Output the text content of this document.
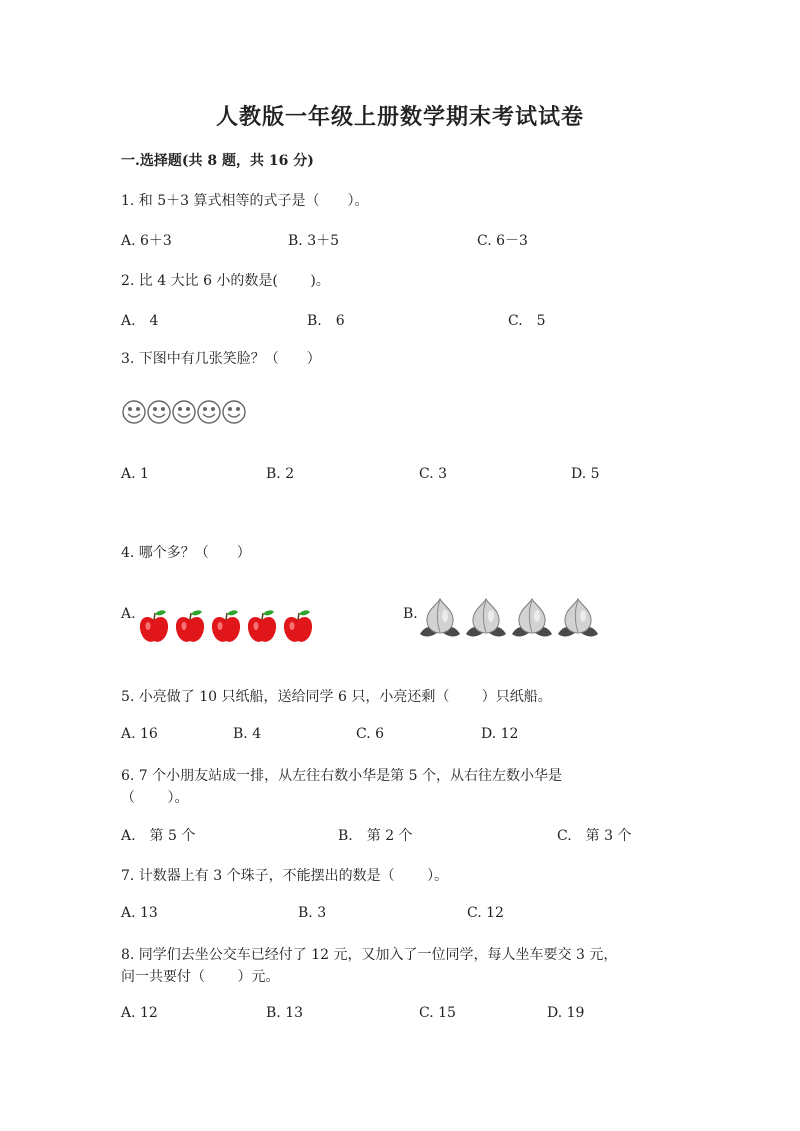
人教版一年级上册数学期末考试试卷
一.选择题(共 8 题，共 16 分)
1. 和 5＋3 算式相等的式子是（　　）。
A. 6＋3	B. 3＋5	C. 6－3
2. 比 4 大比 6 小的数是(　　 )。
A.　4	B.　6	C.　5
3. 下图中有几张笑脸？（　　）
A. 1	B. 2	C. 3	D. 5
4. 哪个多？（　　）
A.	B.
5. 小亮做了 10 只纸船，送给同学 6 只，小亮还剩（　　 ）只纸船。
A. 16	B. 4	C. 6	D. 12
6. 7 个小朋友站成一排，从左往右数小华是第 5 个，从右往左数小华是
（　　 ）。
A.　第 5 个	B.　第 2 个	C.　第 3 个
7. 计数器上有 3 个珠子，不能摆出的数是（　　 ）。
A. 13	B. 3	C. 12
8. 同学们去坐公交车已经付了 12 元，又加入了一位同学，每人坐车要交 3 元，
问一共要付（　　 ）元。
A. 12	B. 13	C. 15	D. 19
